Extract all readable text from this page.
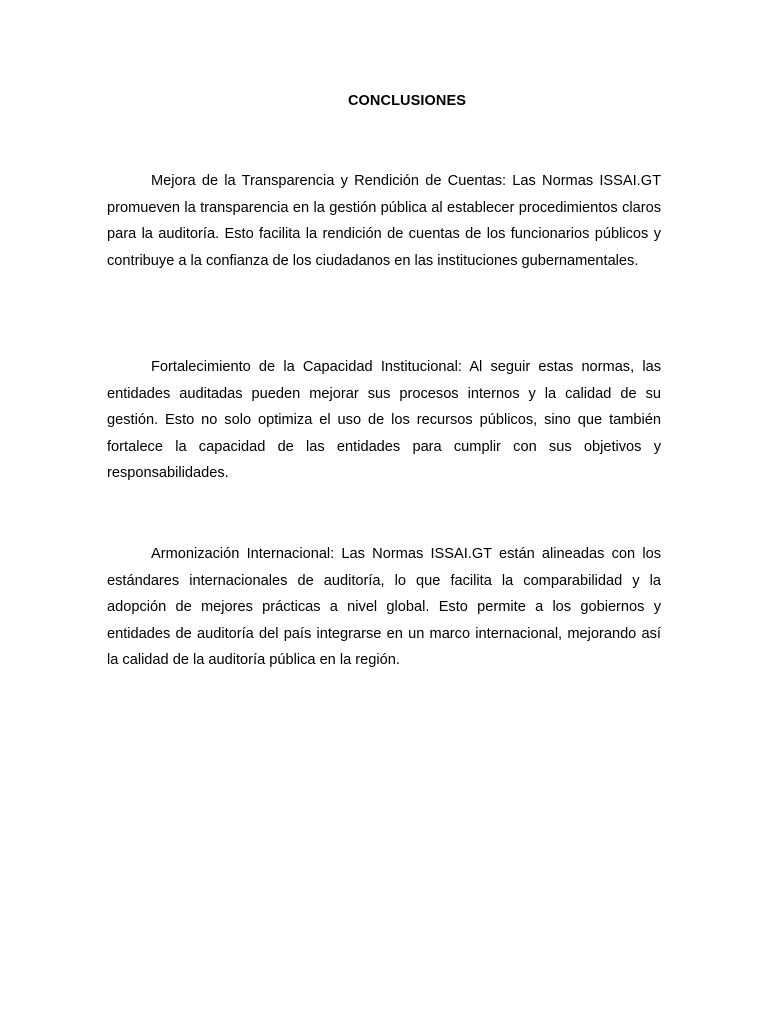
CONCLUSIONES

Mejora de la Transparencia y Rendición de Cuentas: Las Normas ISSAI.GT promueven la transparencia en la gestión pública al establecer procedimientos claros para la auditoría. Esto facilita la rendición de cuentas de los funcionarios públicos y contribuye a la confianza de los ciudadanos en las instituciones gubernamentales.

Fortalecimiento de la Capacidad Institucional: Al seguir estas normas, las entidades auditadas pueden mejorar sus procesos internos y la calidad de su gestión. Esto no solo optimiza el uso de los recursos públicos, sino que también fortalece la capacidad de las entidades para cumplir con sus objetivos y responsabilidades.

Armonización Internacional: Las Normas ISSAI.GT están alineadas con los estándares internacionales de auditoría, lo que facilita la comparabilidad y la adopción de mejores prácticas a nivel global. Esto permite a los gobiernos y entidades de auditoría del país integrarse en un marco internacional, mejorando así la calidad de la auditoría pública en la región.
